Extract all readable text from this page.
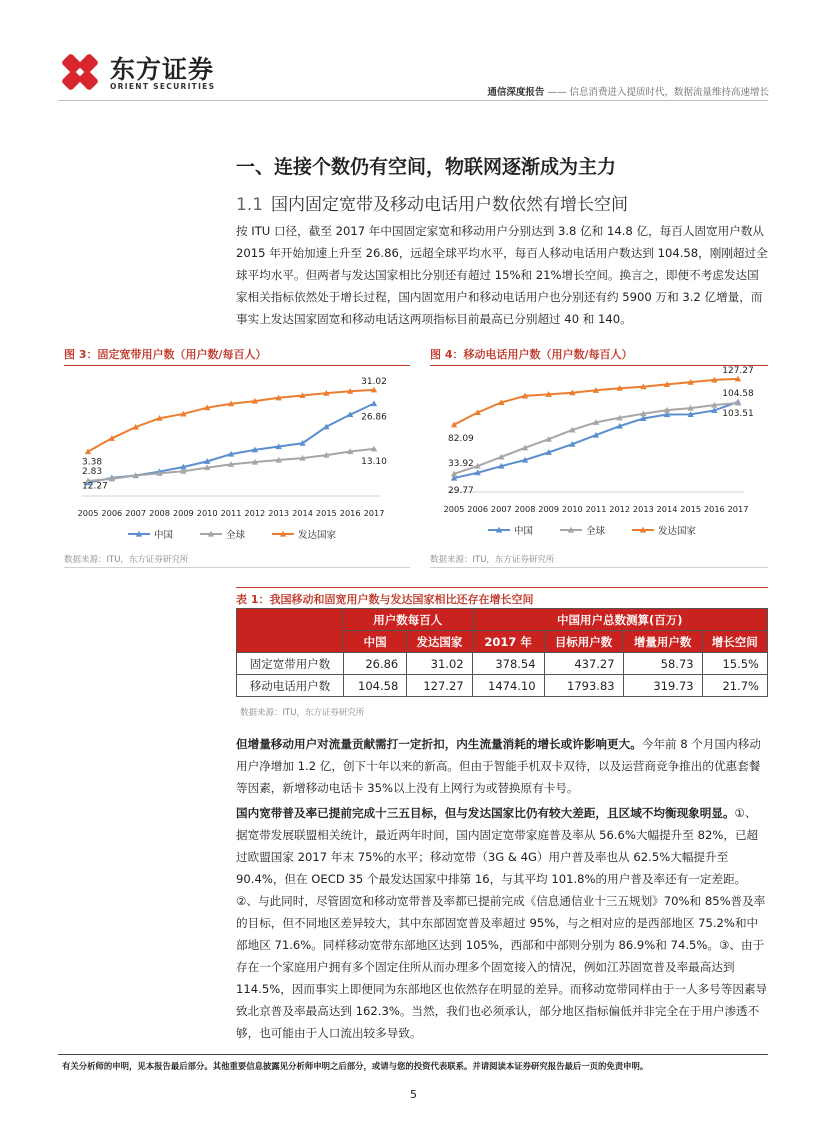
东方证券
ORIENT SECURITIES
通信深度报告 —— 信息消费进入提质时代，数据流量维持高速增长
一、连接个数仍有空间，物联网逐渐成为主力
1.1 国内固定宽带及移动电话用户数依然有增长空间
按 ITU 口径，截至 2017 年中国固定家宽和移动用户分别达到 3.8 亿和 14.8 亿，每百人固宽用户数从 2015 年开始加速上升至 26.86，远超全球平均水平，每百人移动电话用户数达到 104.58，刚刚超过全球平均水平。但两者与发达国家相比分别还有超过 15%和 21%增长空间。换言之，即便不考虑发达国家相关指标依然处于增长过程，国内固宽用户和移动电话用户也分别还有约 5900 万和 3.2 亿增量，而事实上发达国家固宽和移动电话这两项指标目前最高已分别超过 40 和 140。
图 3：固定宽带用户数（用户数/每百人）
2005 2006 2007 2008 2009 2010 2011 2012 2013 2014 2015 2016 2017
3.38
2.83
12.27
31.02
26.86
13.10
中国	全球	发达国家
数据来源：ITU，东方证券研究所
图 4：移动电话用户数（用户数/每百人）
2005 2006 2007 2008 2009 2010 2011 2012 2013 2014 2015 2016 2017
82.09
33.92
29.77
127.27
104.58
103.51
中国	全球	发达国家
数据来源：ITU，东方证券研究所
表 1：我国移动和固宽用户数与发达国家相比还存在增长空间
	用户数每百人		中国用户总数测算(百万)			
	中国	发达国家	2017 年	目标用户数	增量用户数	增长空间
固定宽带用户数	26.86	31.02	378.54	437.27	58.73	15.5%
移动电话用户数	104.58	127.27	1474.10	1793.83	319.73	21.7%
数据来源：ITU，东方证券研究所
但增量移动用户对流量贡献需打一定折扣，内生流量消耗的增长或许影响更大。今年前 8 个月国内移动用户净增加 1.2 亿，创下十年以来的新高。但由于智能手机双卡双待，以及运营商竞争推出的优惠套餐等因素，新增移动电话卡 35%以上没有上网行为或替换原有卡号。
国内宽带普及率已提前完成十三五目标，但与发达国家比仍有较大差距，且区域不均衡现象明显。①、据宽带发展联盟相关统计，最近两年时间，国内固定宽带家庭普及率从 56.6%大幅提升至 82%，已超过欧盟国家 2017 年末 75%的水平；移动宽带（3G & 4G）用户普及率也从 62.5%大幅提升至 90.4%，但在 OECD 35 个最发达国家中排第 16，与其平均 101.8%的用户普及率还有一定差距。②、与此同时，尽管固宽和移动宽带普及率都已提前完成《信息通信业十三五规划》70%和 85%普及率的目标，但不同地区差异较大，其中东部固宽普及率超过 95%，与之相对应的是西部地区 75.2%和中部地区 71.6%。同样移动宽带东部地区达到 105%，西部和中部则分别为 86.9%和 74.5%。③、由于存在一个家庭用户拥有多个固定住所从而办理多个固宽接入的情况，例如江苏固宽普及率最高达到 114.5%，因而事实上即便同为东部地区也依然存在明显的差异。而移动宽带同样由于一人多号等因素导致北京普及率最高达到 162.3%。当然，我们也必须承认，部分地区指标偏低并非完全在于用户渗透不够，也可能由于人口流出较多导致。
有关分析师的申明，见本报告最后部分。其他重要信息披露见分析师申明之后部分，或请与您的投资代表联系。并请阅读本证券研究报告最后一页的免责申明。
5
